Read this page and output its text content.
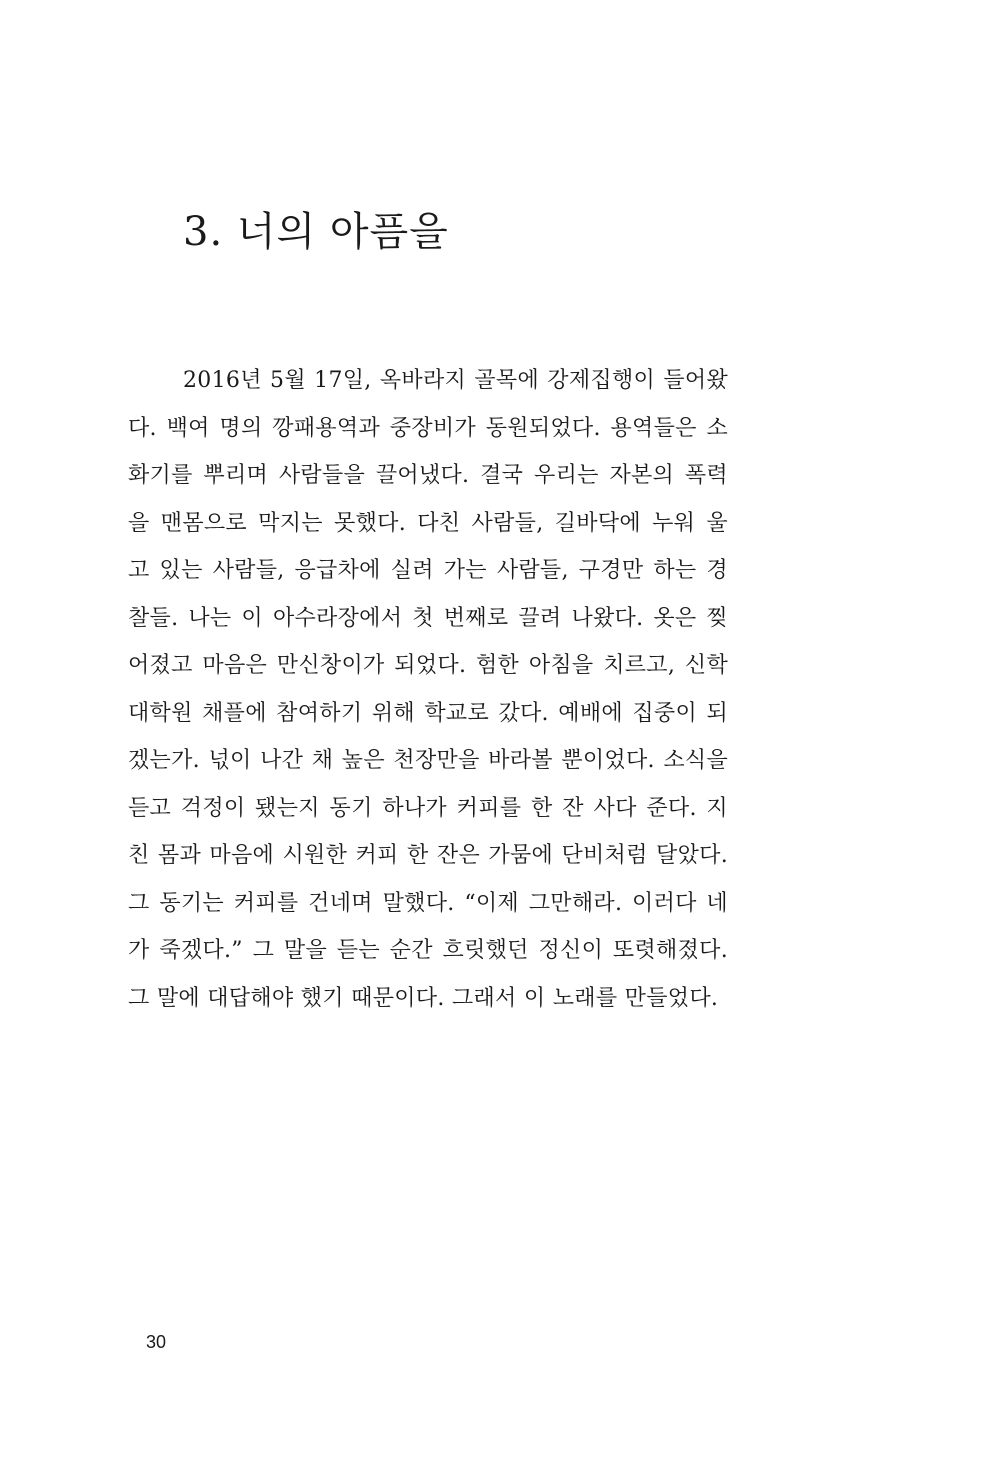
3. 너의 아픔을
2016년 5월 17일, 옥바라지 골목에 강제집행이 들어왔
다. 백여 명의 깡패용역과 중장비가 동원되었다. 용역들은 소
화기를 뿌리며 사람들을 끌어냈다. 결국 우리는 자본의 폭력
을 맨몸으로 막지는 못했다. 다친 사람들, 길바닥에 누워 울
고 있는 사람들, 응급차에 실려 가는 사람들, 구경만 하는 경
찰들. 나는 이 아수라장에서 첫 번째로 끌려 나왔다. 옷은 찢
어졌고 마음은 만신창이가 되었다. 험한 아침을 치르고, 신학
대학원 채플에 참여하기 위해 학교로 갔다. 예배에 집중이 되
겠는가. 넋이 나간 채 높은 천장만을 바라볼 뿐이었다. 소식을
듣고 걱정이 됐는지 동기 하나가 커피를 한 잔 사다 준다. 지
친 몸과 마음에 시원한 커피 한 잔은 가뭄에 단비처럼 달았다.
그 동기는 커피를 건네며 말했다. “이제 그만해라. 이러다 네
가 죽겠다.” 그 말을 듣는 순간 흐릿했던 정신이 또렷해졌다.
그 말에 대답해야 했기 때문이다. 그래서 이 노래를 만들었다.

30
